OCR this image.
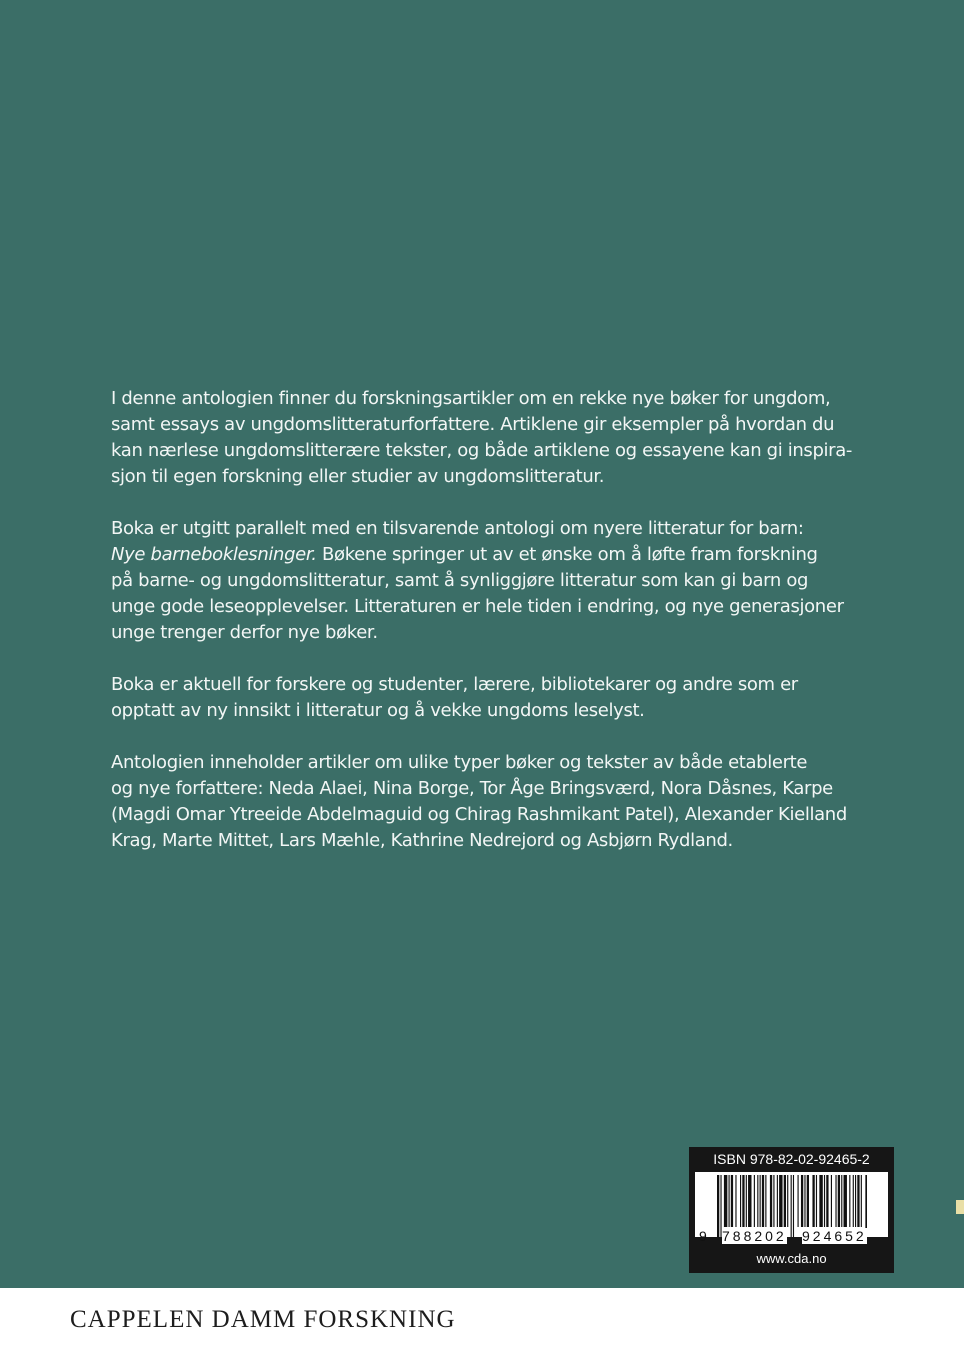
I denne antologien finner du forskningsartikler om en rekke nye bøker for ungdom,
samt essays av ungdomslitteraturforfattere. Artiklene gir eksempler på hvordan du
kan nærlese ungdomslitterære tekster, og både artiklene og essayene kan gi inspira-
sjon til egen forskning eller studier av ungdomslitteratur.

Boka er utgitt parallelt med en tilsvarende antologi om nyere litteratur for barn:
Nye barneboklesninger. Bøkene springer ut av et ønske om å løfte fram forskning
på barne- og ungdomslitteratur, samt å synliggjøre litteratur som kan gi barn og
unge gode leseopplevelser. Litteraturen er hele tiden i endring, og nye generasjoner
unge trenger derfor nye bøker.

Boka er aktuell for forskere og studenter, lærere, bibliotekarer og andre som er
opptatt av ny innsikt i litteratur og å vekke ungdoms leselyst.

Antologien inneholder artikler om ulike typer bøker og tekster av både etablerte
og nye forfattere: Neda Alaei, Nina Borge, Tor Åge Bringsværd, Nora Dåsnes, Karpe
(Magdi Omar Ytreeide Abdelmaguid og Chirag Rashmikant Patel), Alexander Kielland
Krag, Marte Mittet, Lars Mæhle, Kathrine Nedrejord og Asbjørn Rydland.

ISBN 978-82-02-92465-2
9 788202 924652
www.cda.no
CAPPELEN DAMM FORSKNING
